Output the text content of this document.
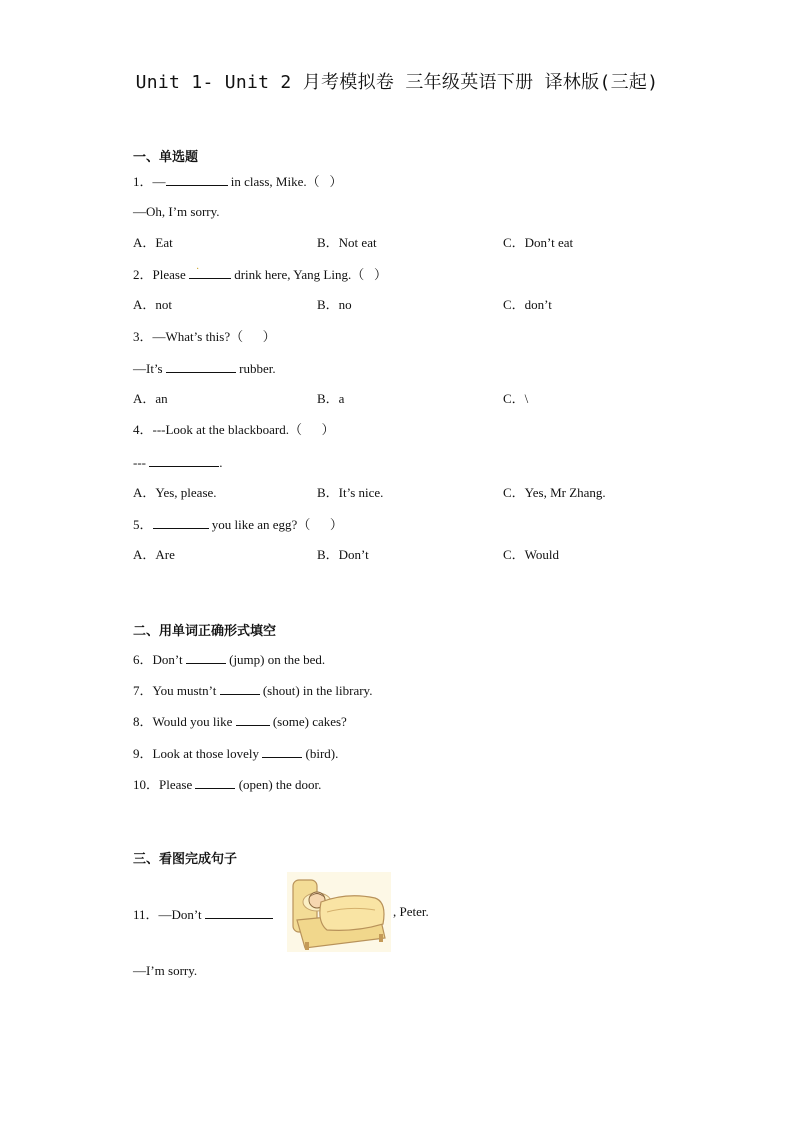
Unit 1- Unit 2 月考模拟卷 三年级英语下册 译林版(三起)
一、单选题
1．—	in class, Mike.（   ）
—Oh, I’m sorry.
A．Eat	B．Not eat	C．Don’t eat
2．Please · drink here, Yang Ling.（   ）
A．not	B．no	C．don’t
3．—What’s this?（      ）
—It’s	rubber.
A．an	B．a	C．\
4．---Look at the blackboard.（      ）
---	.
A．Yes, please.	B．It’s nice.	C．Yes, Mr Zhang.
5．	you like an egg?（      ）
A．Are	B．Don’t	C．Would
二、用单词正确形式填空
6．Don’t	(jump) on the bed.
7．You mustn’t	(shout) in the library.
8．Would you like	(some) cakes?
9．Look at those lovely	(bird).
10．Please	(open) the door.
三、看图完成句子
11．—Don’t	, Peter.
—I’m sorry.
